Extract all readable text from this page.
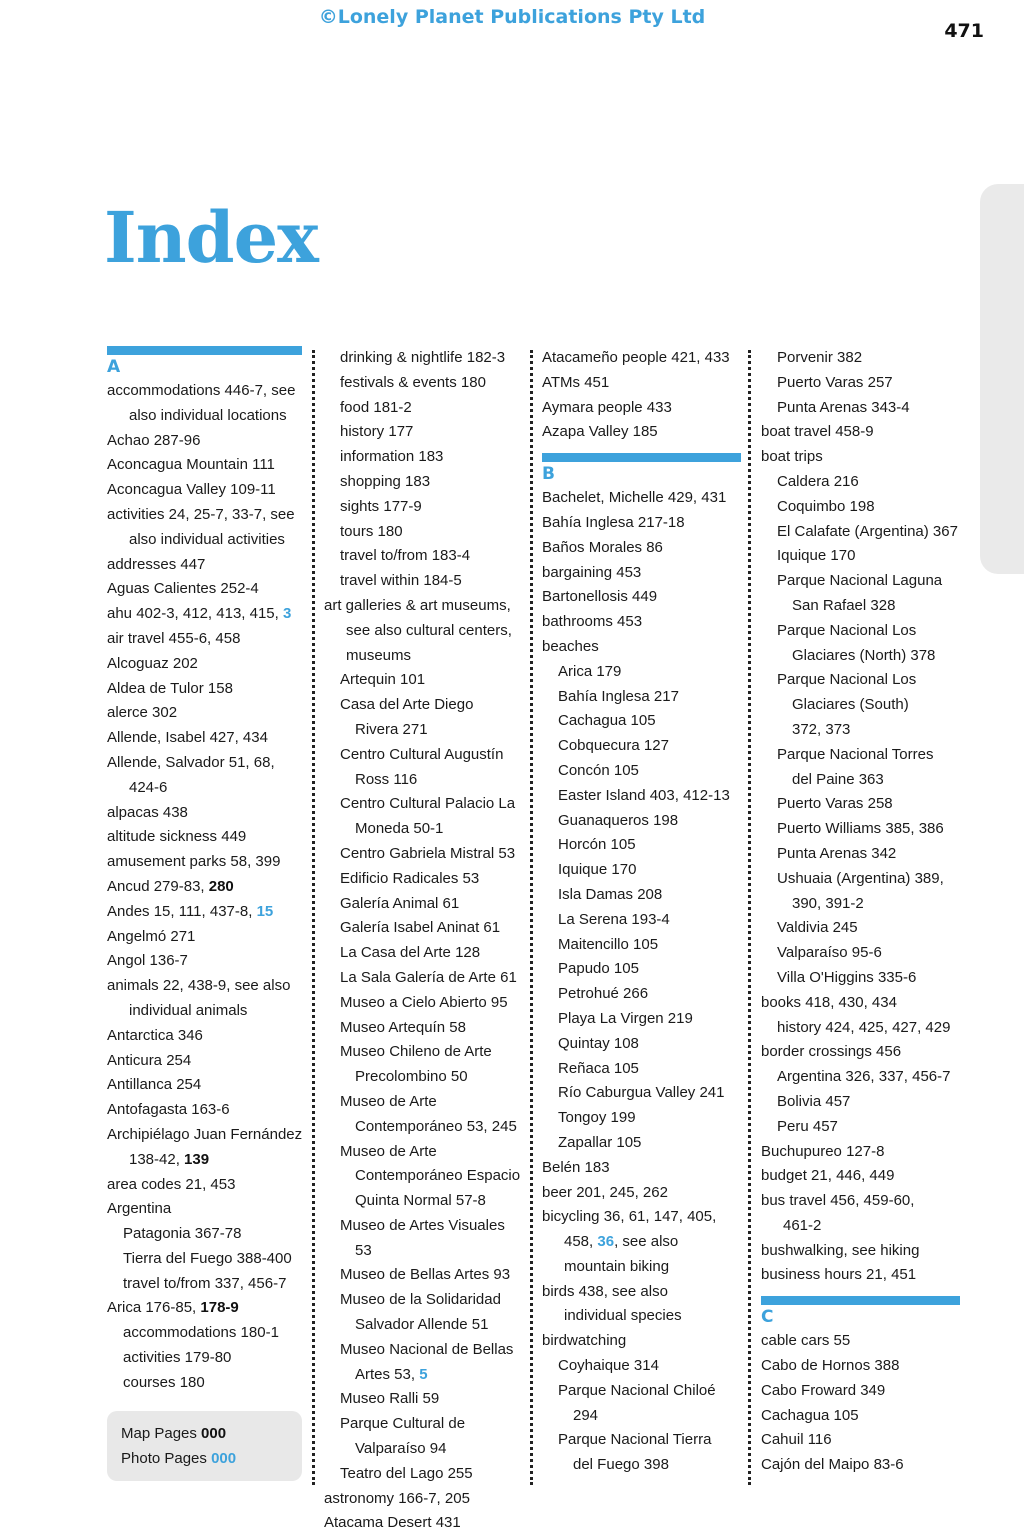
©Lonely Planet Publications Pty Ltd
471
Index
A
accommodations 446-7, see
also individual locations
Achao 287-96
Aconcagua Mountain 111
Aconcagua Valley 109-11
activities 24, 25-7, 33-7, see
also individual activities
addresses 447
Aguas Calientes 252-4
ahu 402-3, 412, 413, 415, 3
air travel 455-6, 458
Alcoguaz 202
Aldea de Tulor 158
alerce 302
Allende, Isabel 427, 434
Allende, Salvador 51, 68,
424-6
alpacas 438
altitude sickness 449
amusement parks 58, 399
Ancud 279-83, 280
Andes 15, 111, 437-8, 15
Angelmó 271
Angol 136-7
animals 22, 438-9, see also
individual animals
Antarctica 346
Anticura 254
Antillanca 254
Antofagasta 163-6
Archipiélago Juan Fernández
138-42, 139
area codes 21, 453
Argentina
Patagonia 367-78
Tierra del Fuego 388-400
travel to/from 337, 456-7
Arica 176-85, 178-9
accommodations 180-1
activities 179-80
courses 180
drinking & nightlife 182-3
festivals & events 180
food 181-2
history 177
information 183
shopping 183
sights 177-9
tours 180
travel to/from 183-4
travel within 184-5
art galleries & art museums,
see also cultural centers,
museums
Artequin 101
Casa del Arte Diego
Rivera 271
Centro Cultural Augustín
Ross 116
Centro Cultural Palacio La
Moneda 50-1
Centro Gabriela Mistral 53
Edificio Radicales 53
Galería Animal 61
Galería Isabel Aninat 61
La Casa del Arte 128
La Sala Galería de Arte 61
Museo a Cielo Abierto 95
Museo Artequín 58
Museo Chileno de Arte
Precolombino 50
Museo de Arte
Contemporáneo 53, 245
Museo de Arte
Contemporáneo Espacio
Quinta Normal 57-8
Museo de Artes Visuales
53
Museo de Bellas Artes 93
Museo de la Solidaridad
Salvador Allende 51
Museo Nacional de Bellas
Artes 53, 5
Museo Ralli 59
Parque Cultural de
Valparaíso 94
Teatro del Lago 255
astronomy 166-7, 205
Atacama Desert 431
Atacameño people 421, 433
ATMs 451
Aymara people 433
Azapa Valley 185
B
Bachelet, Michelle 429, 431
Bahía Inglesa 217-18
Baños Morales 86
bargaining 453
Bartonellosis 449
bathrooms 453
beaches
Arica 179
Bahía Inglesa 217
Cachagua 105
Cobquecura 127
Concón 105
Easter Island 403, 412-13
Guanaqueros 198
Horcón 105
Iquique 170
Isla Damas 208
La Serena 193-4
Maitencillo 105
Papudo 105
Petrohué 266
Playa La Virgen 219
Quintay 108
Reñaca 105
Río Caburgua Valley 241
Tongoy 199
Zapallar 105
Belén 183
beer 201, 245, 262
bicycling 36, 61, 147, 405,
458, 36, see also
mountain biking
birds 438, see also
individual species
birdwatching
Coyhaique 314
Parque Nacional Chiloé
294
Parque Nacional Tierra
del Fuego 398
Porvenir 382
Puerto Varas 257
Punta Arenas 343-4
boat travel 458-9
boat trips
Caldera 216
Coquimbo 198
El Calafate (Argentina) 367
Iquique 170
Parque Nacional Laguna
San Rafael 328
Parque Nacional Los
Glaciares (North) 378
Parque Nacional Los
Glaciares (South)
372, 373
Parque Nacional Torres
del Paine 363
Puerto Varas 258
Puerto Williams 385, 386
Punta Arenas 342
Ushuaia (Argentina) 389,
390, 391-2
Valdivia 245
Valparaíso 95-6
Villa O'Higgins 335-6
books 418, 430, 434
history 424, 425, 427, 429
border crossings 456
Argentina 326, 337, 456-7
Bolivia 457
Peru 457
Buchupureo 127-8
budget 21, 446, 449
bus travel 456, 459-60,
461-2
bushwalking, see hiking
business hours 21, 451
C
cable cars 55
Cabo de Hornos 388
Cabo Froward 349
Cachagua 105
Cahuil 116
Cajón del Maipo 83-6
Map Pages 000
Photo Pages 000
